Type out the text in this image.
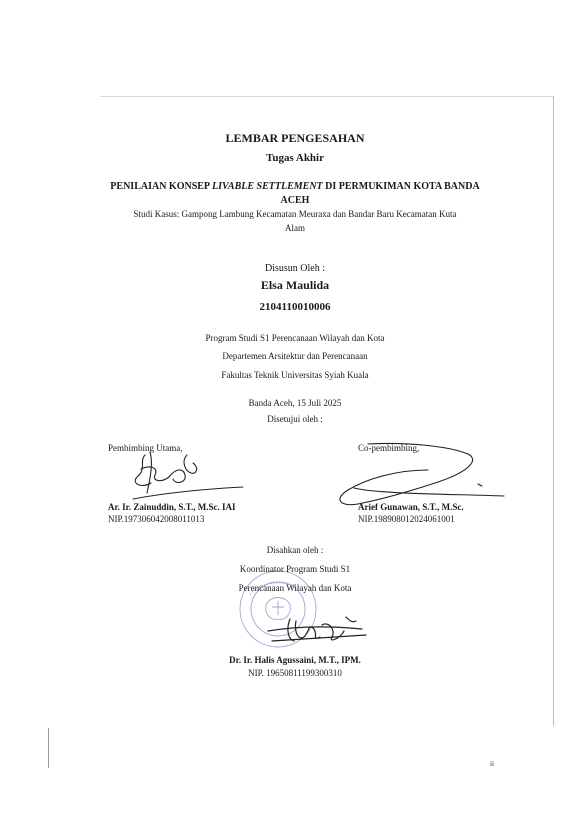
LEMBAR PENGESAHAN
Tugas Akhir
PENILAIAN KONSEP LIVABLE SETTLEMENT DI PERMUKIMAN KOTA BANDA
ACEH
Studi Kasus: Gampong Lambung Kecamatan Meuraxa dan Bandar Baru Kecamatan Kuta
Alam
Disusun Oleh :
Elsa Maulida
2104110010006
Program Studi S1 Perencanaan Wilayah dan Kota
Departemen Arsitektur dan Perencanaan
Fakultas Teknik Universitas Syiah Kuala
Banda Aceh, 15 Juli 2025
Disetujui oleh :
Pembimbing Utama,	Co-pembimbing,
Ar. Ir. Zainuddin, S.T., M.Sc. IAI
NIP.197306042008011013
Arief Gunawan, S.T., M.Sc.
NIP.198908012024061001
Disahkan oleh :
Koordinator Program Studi S1
Perencanaan Wilayah dan Kota
Dr. Ir. Halis Agussaini, M.T., IPM.
NIP. 19650811199300310
ii
